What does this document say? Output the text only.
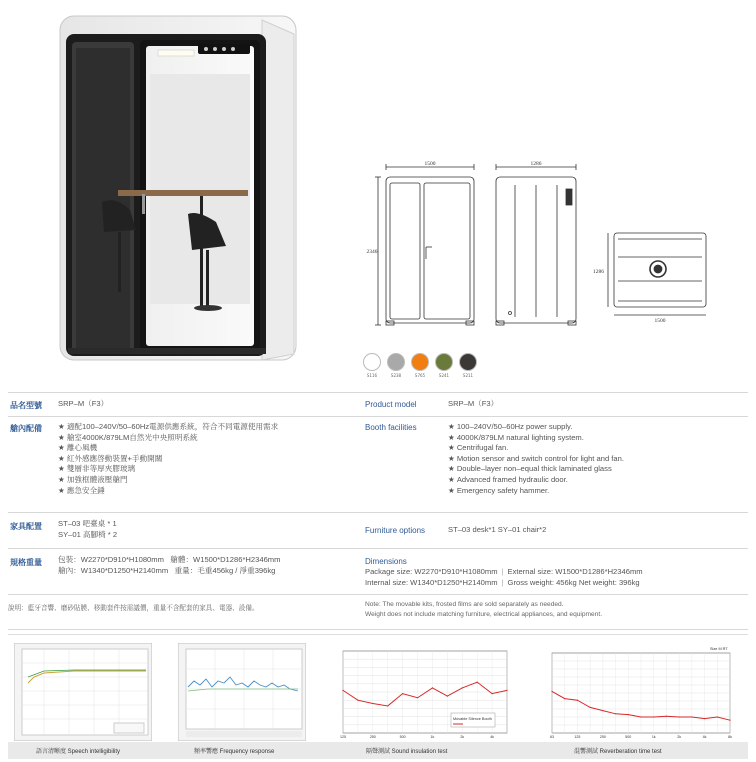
1500
2346
1286
1286
1500
S116	S238	S765	S241	S211
品名型號 SRP–M（F3）	Product model	SRP–M（F3）
艙內配備 ★ 適配100–240V/50–60Hz電源供應系統，符合不同電源使用需求
★ 艙室4000K/879LM自然光中央照明系統
★ 離心風機
★ 紅外感應啓動裝置+手動開關
★ 雙層非等厚夾膠玻璃
★ 加強框體液壓艙門
★ 應急安全錘
Booth facilities	★ 100–240V/50–60Hz power supply.
★ 4000K/879LM natural lighting system.
★ Centrifugal fan.
★ Motion sensor and switch control for light and fan.
★ Double–layer non–equal thick laminated glass
★ Advanced framed hydraulic door.
★ Emergency safety hammer.
家具配置 ST–03 吧臺桌 * 1
SY–01 高腳椅 * 2	Furniture options	ST–03 desk*1 SY–01 chair*2
規格重量 包裝：W2270*D910*H1080mm 艙體：W1500*D1286*H2346mm
艙內：W1340*D1250*H2140mm 重量：毛重456kg / 淨重396kg
Dimensions
Package size: W2270*D910*H1080mm | External size: W1500*D1286*H2346mm
Internal size: W1340*D1250*H2140mm | Gross weight: 456kg Net weight: 396kg
說明：藍牙音響、磨砂貼膜、移動套件按需議價，重量不含配套的家具、電器、設備。
Note: The movable kits, frosted films are sold separately as needed.
Weight does not include matching furniture, electrical appliances, and equipment.
125	250	500	1k	2k	4k
Movable Silence Booth
63	125	250	500	1k	2k	4k	8k
Size M RT
語言清晰度 Speech intelligibility	頻率響應 Frequency response	隔聲測試 Sound insulation test	混響測試 Reverberation time test
